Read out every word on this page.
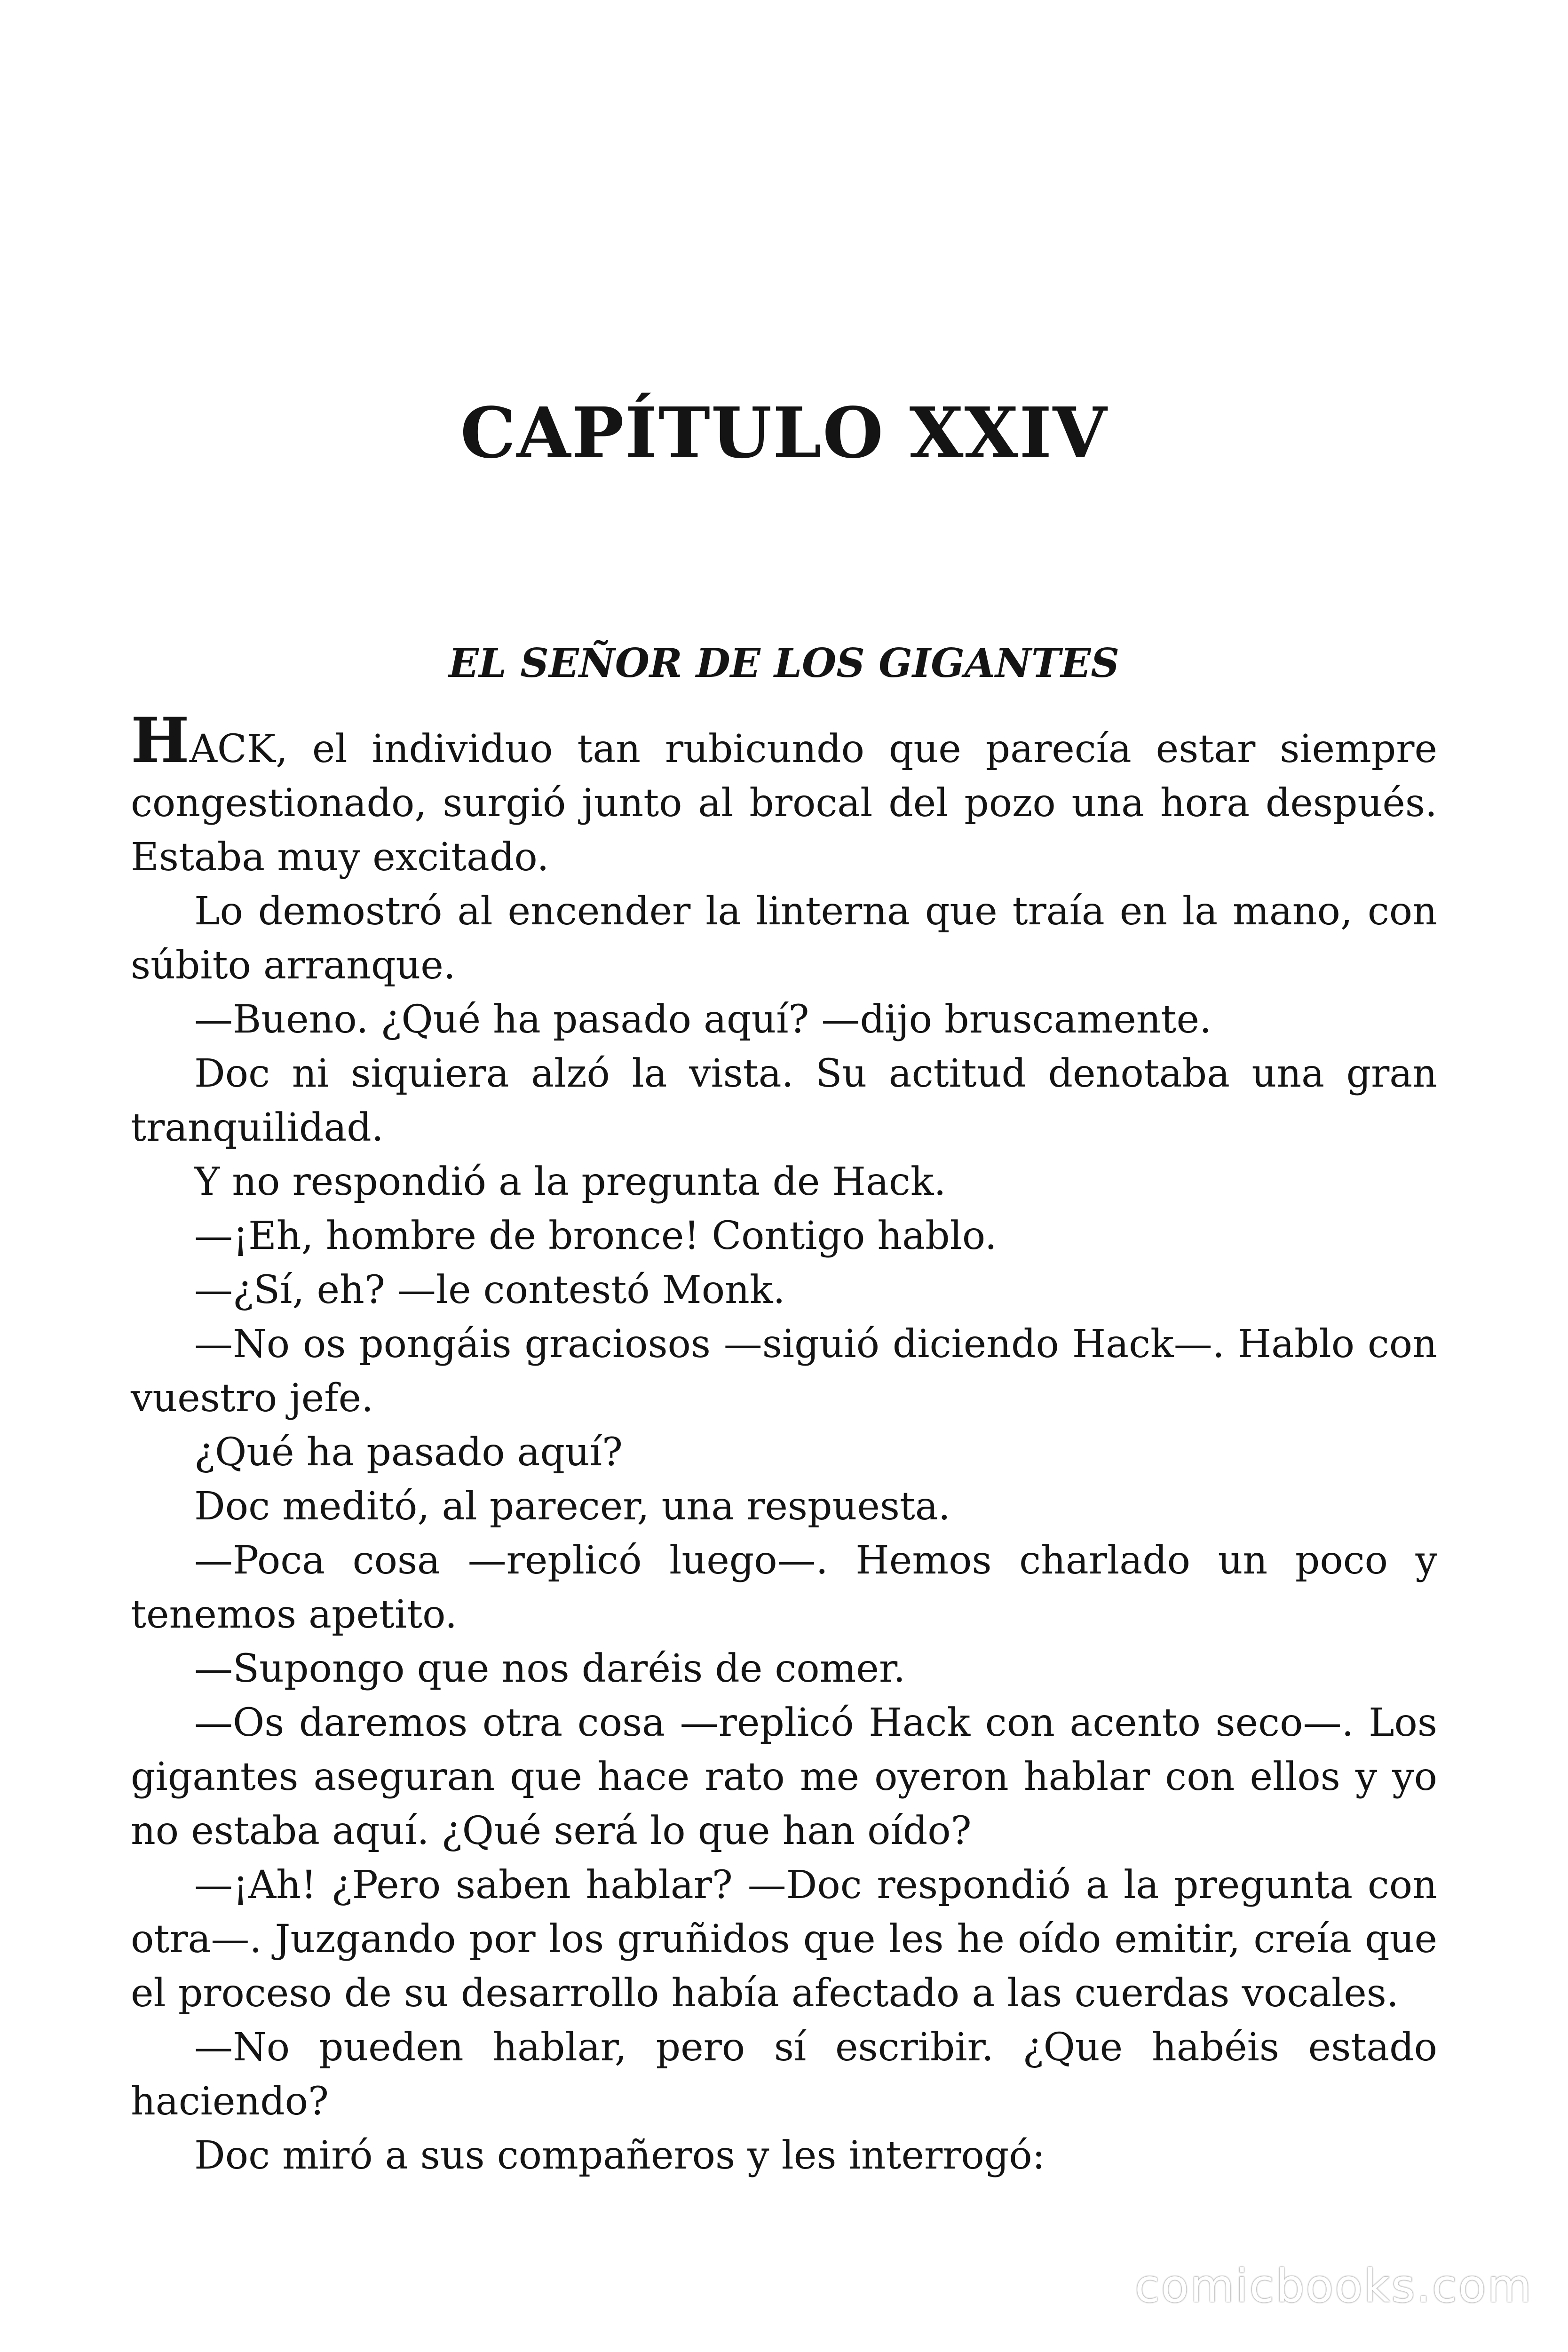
CAPÍTULO XXIV
EL SEÑOR DE LOS GIGANTES

HACK, el individuo tan rubicundo que parecía estar siempre congestionado, surgió junto al brocal del pozo una hora después. Estaba muy excitado.

Lo demostró al encender la linterna que traía en la mano, con súbito arranque.

—Bueno. ¿Qué ha pasado aquí? —dijo bruscamente.

Doc ni siquiera alzó la vista. Su actitud denotaba una gran tranquilidad.

Y no respondió a la pregunta de Hack.

—¡Eh, hombre de bronce! Contigo hablo.

—¿Sí, eh? —le contestó Monk.

—No os pongáis graciosos —siguió diciendo Hack—. Hablo con vuestro jefe.

¿Qué ha pasado aquí?

Doc meditó, al parecer, una respuesta.

—Poca cosa —replicó luego—. Hemos charlado un poco y tenemos apetito.

—Supongo que nos daréis de comer.

—Os daremos otra cosa —replicó Hack con acento seco—. Los gigantes aseguran que hace rato me oyeron hablar con ellos y yo no estaba aquí. ¿Qué será lo que han oído?

—¡Ah! ¿Pero saben hablar? —Doc respondió a la pregunta con otra—. Juzgando por los gruñidos que les he oído emitir, creía que el proceso de su desarrollo había afectado a las cuerdas vocales.

—No pueden hablar, pero sí escribir. ¿Que habéis estado haciendo?

Doc miró a sus compañeros y les interrogó:

comicbooks.com
